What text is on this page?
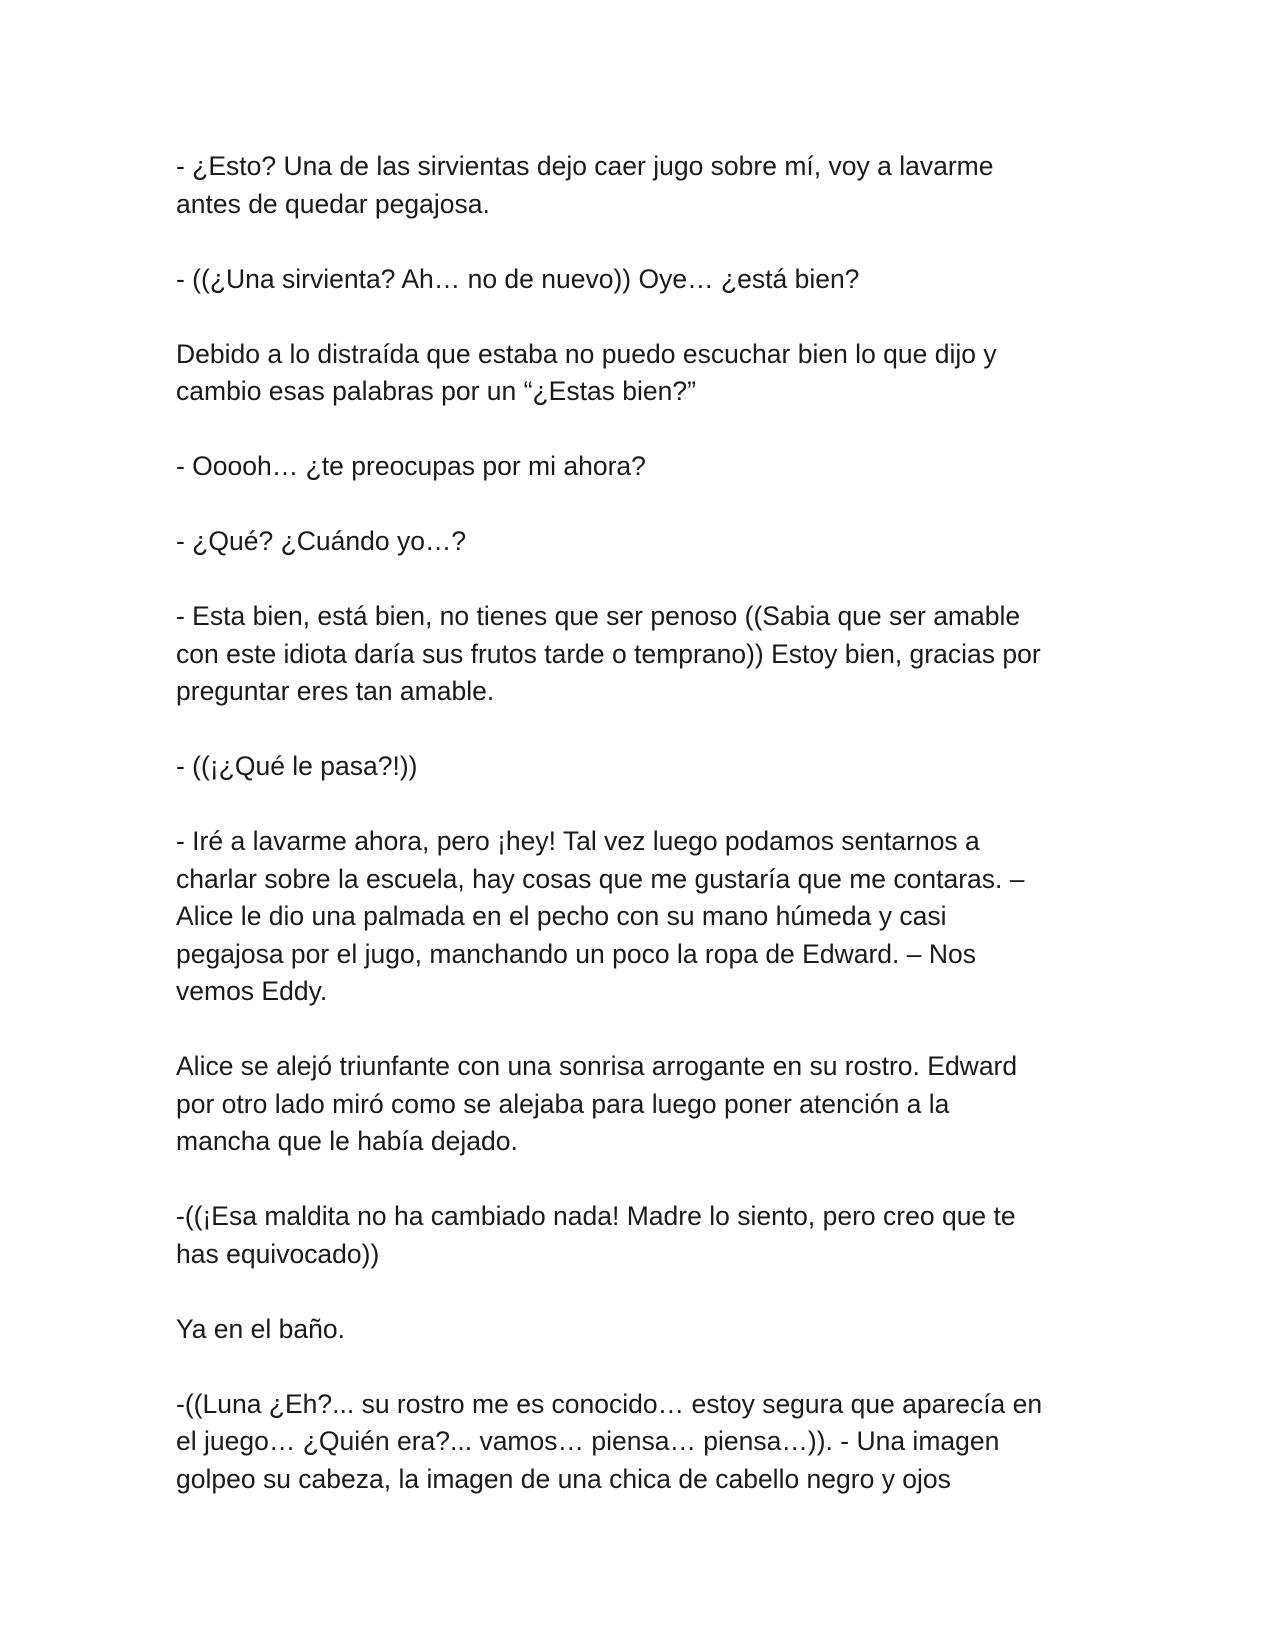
- ¿Esto? Una de las sirvientas dejo caer jugo sobre mí, voy a lavarme
antes de quedar pegajosa.

- ((¿Una sirvienta? Ah… no de nuevo)) Oye… ¿está bien?

Debido a lo distraída que estaba no puedo escuchar bien lo que dijo y
cambio esas palabras por un “¿Estas bien?”

- Ooooh… ¿te preocupas por mi ahora?

- ¿Qué? ¿Cuándo yo…?

- Esta bien, está bien, no tienes que ser penoso ((Sabia que ser amable
con este idiota daría sus frutos tarde o temprano)) Estoy bien, gracias por
preguntar eres tan amable.

- ((¡¿Qué le pasa?!))

- Iré a lavarme ahora, pero ¡hey! Tal vez luego podamos sentarnos a
charlar sobre la escuela, hay cosas que me gustaría que me contaras. –
Alice le dio una palmada en el pecho con su mano húmeda y casi
pegajosa por el jugo, manchando un poco la ropa de Edward. – Nos
vemos Eddy.

Alice se alejó triunfante con una sonrisa arrogante en su rostro. Edward
por otro lado miró como se alejaba para luego poner atención a la
mancha que le había dejado.

-((¡Esa maldita no ha cambiado nada! Madre lo siento, pero creo que te
has equivocado))

Ya en el baño.

-((Luna ¿Eh?... su rostro me es conocido… estoy segura que aparecía en
el juego… ¿Quién era?... vamos… piensa… piensa…)). - Una imagen
golpeo su cabeza, la imagen de una chica de cabello negro y ojos
